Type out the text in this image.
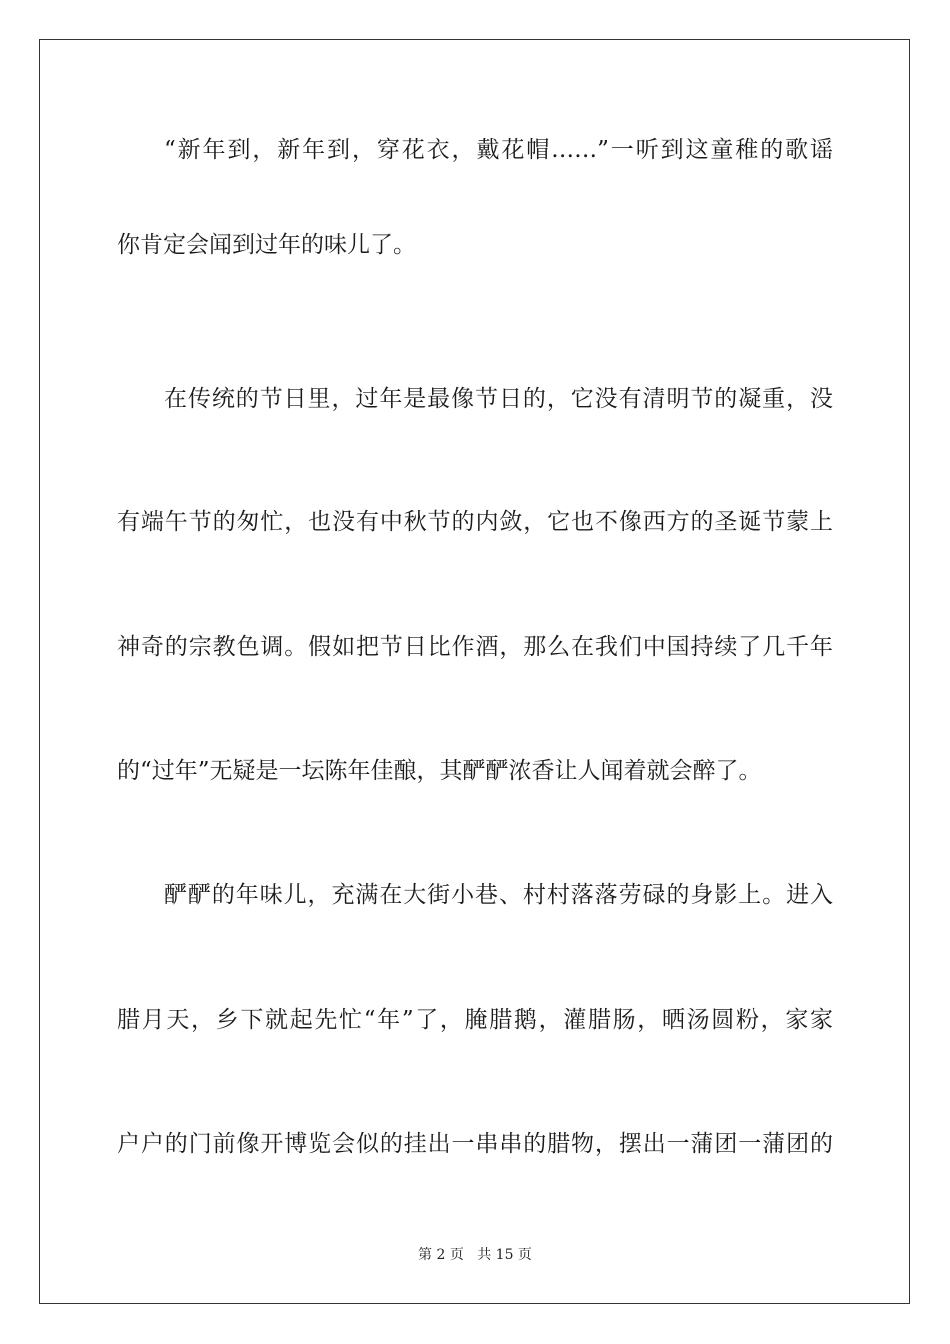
“新年到，新年到，穿花衣，戴花帽……”一听到这童稚的歌谣
你肯定会闻到过年的味儿了。
在传统的节日里，过年是最像节日的，它没有清明节的凝重，没
有端午节的匆忙，也没有中秋节的内敛，它也不像西方的圣诞节蒙上
神奇的宗教色调。假如把节日比作酒，那么在我们中国持续了几千年
的“过年”无疑是一坛陈年佳酿，其酽酽浓香让人闻着就会醉了。
酽酽的年味儿，充满在大街小巷、村村落落劳碌的身影上。进入
腊月天，乡下就起先忙“年”了，腌腊鹅，灌腊肠，晒汤圆粉，家家
户户的门前像开博览会似的挂出一串串的腊物，摆出一蒲团一蒲团的
第 2 页 共 15 页
